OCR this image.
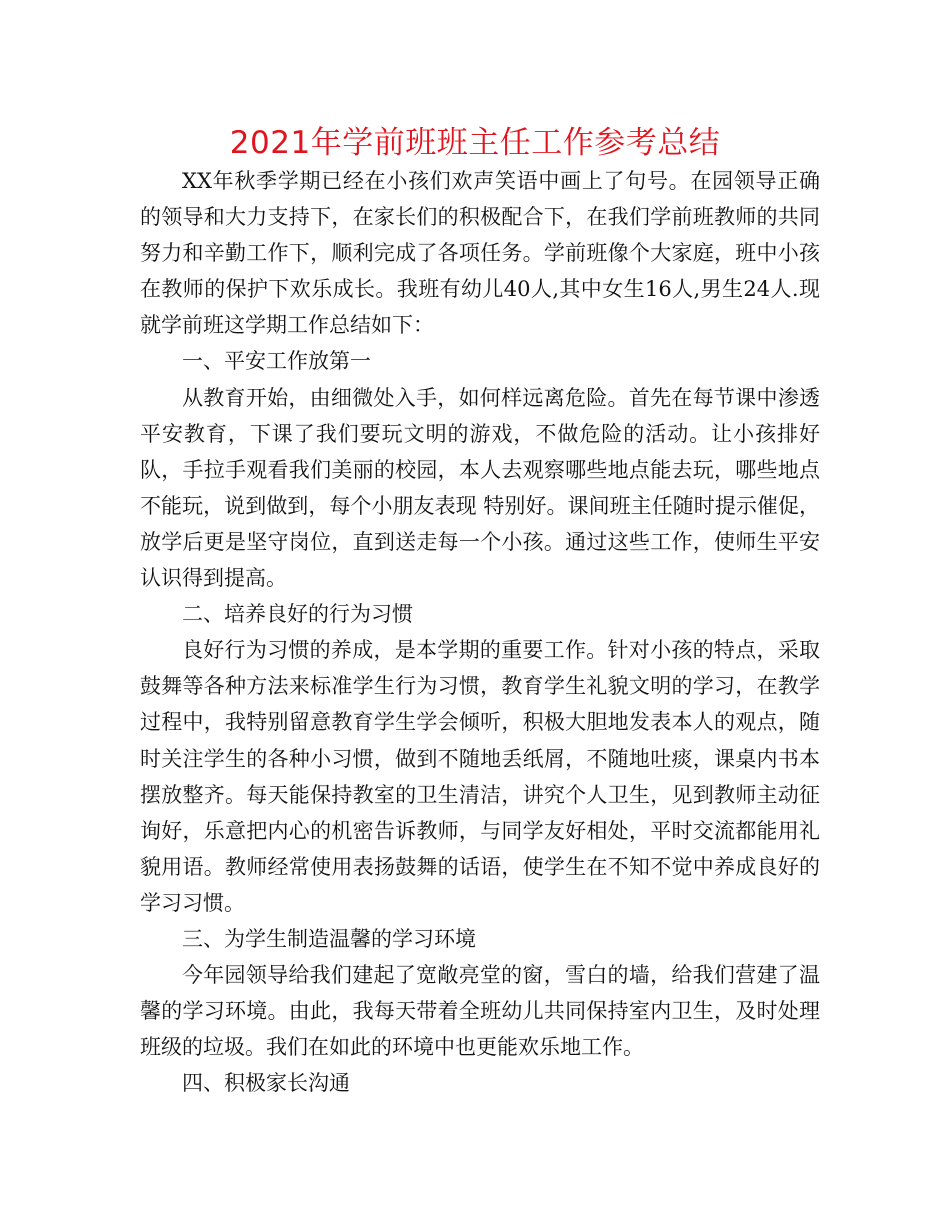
2021年学前班班主任工作参考总结

XX年秋季学期已经在小孩们欢声笑语中画上了句号。在园领导正确的领导和大力支持下，在家长们的积极配合下，在我们学前班教师的共同努力和辛勤工作下，顺利完成了各项任务。学前班像个大家庭，班中小孩在教师的保护下欢乐成长。我班有幼儿40人,其中女生16人,男生24人.现就学前班这学期工作总结如下：

一、平安工作放第一

从教育开始，由细微处入手，如何样远离危险。首先在每节课中渗透平安教育，下课了我们要玩文明的游戏，不做危险的活动。让小孩排好队，手拉手观看我们美丽的校园，本人去观察哪些地点能去玩，哪些地点不能玩，说到做到，每个小朋友表现 特别好。课间班主任随时提示催促，放学后更是坚守岗位，直到送走每一个小孩。通过这些工作，使师生平安认识得到提高。

二、培养良好的行为习惯

良好行为习惯的养成，是本学期的重要工作。针对小孩的特点，采取鼓舞等各种方法来标准学生行为习惯，教育学生礼貌文明的学习，在教学过程中，我特别留意教育学生学会倾听，积极大胆地发表本人的观点，随时关注学生的各种小习惯，做到不随地丢纸屑，不随地吐痰，课桌内书本摆放整齐。每天能保持教室的卫生清洁，讲究个人卫生，见到教师主动征询好，乐意把内心的机密告诉教师，与同学友好相处，平时交流都能用礼貌用语。教师经常使用表扬鼓舞的话语，使学生在不知不觉中养成良好的学习习惯。

三、为学生制造温馨的学习环境

今年园领导给我们建起了宽敞亮堂的窗，雪白的墙，给我们营建了温馨的学习环境。由此，我每天带着全班幼儿共同保持室内卫生，及时处理班级的垃圾。我们在如此的环境中也更能欢乐地工作。

四、积极家长沟通
